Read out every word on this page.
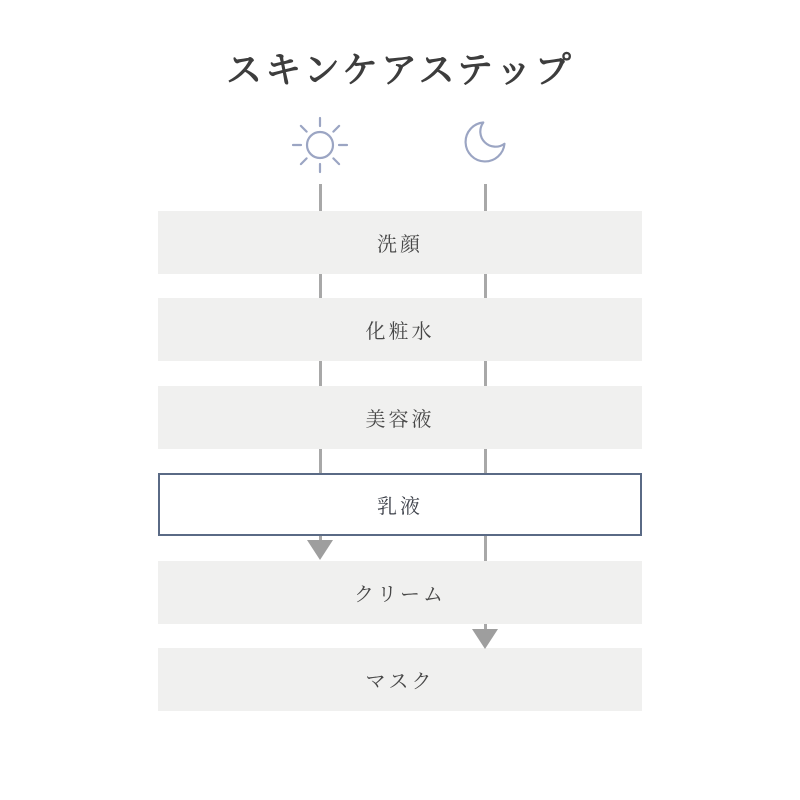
スキンケアステップ
洗顔
化粧水
美容液
乳液
クリーム
マスク
